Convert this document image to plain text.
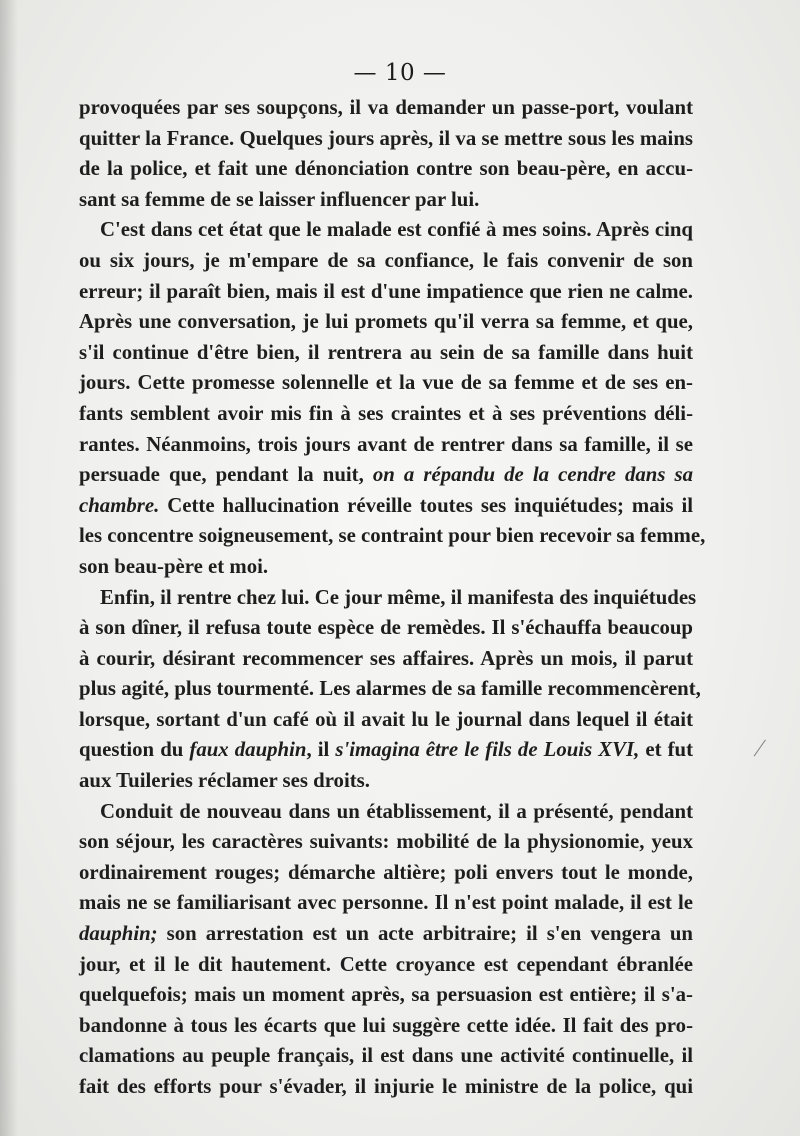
— 10 —
provoquées par ses soupçons, il va demander un passe-port, voulant
quitter la France. Quelques jours après, il va se mettre sous les mains
de la police, et fait une dénonciation contre son beau-père, en accu-
sant sa femme de se laisser influencer par lui.
C'est dans cet état que le malade est confié à mes soins. Après cinq
ou six jours, je m'empare de sa confiance, le fais convenir de son
erreur; il paraît bien, mais il est d'une impatience que rien ne calme.
Après une conversation, je lui promets qu'il verra sa femme, et que,
s'il continue d'être bien, il rentrera au sein de sa famille dans huit
jours. Cette promesse solennelle et la vue de sa femme et de ses en-
fants semblent avoir mis fin à ses craintes et à ses préventions déli-
rantes. Néanmoins, trois jours avant de rentrer dans sa famille, il se
persuade que, pendant la nuit, on a répandu de la cendre dans sa
chambre. Cette hallucination réveille toutes ses inquiétudes; mais il
les concentre soigneusement, se contraint pour bien recevoir sa femme,
son beau-père et moi.
Enfin, il rentre chez lui. Ce jour même, il manifesta des inquiétudes
à son dîner, il refusa toute espèce de remèdes. Il s'échauffa beaucoup
à courir, désirant recommencer ses affaires. Après un mois, il parut
plus agité, plus tourmenté. Les alarmes de sa famille recommencèrent,
lorsque, sortant d'un café où il avait lu le journal dans lequel il était
question du faux dauphin, il s'imagina être le fils de Louis XVI, et fut
aux Tuileries réclamer ses droits.
Conduit de nouveau dans un établissement, il a présenté, pendant
son séjour, les caractères suivants: mobilité de la physionomie, yeux
ordinairement rouges; démarche altière; poli envers tout le monde,
mais ne se familiarisant avec personne. Il n'est point malade, il est le
dauphin; son arrestation est un acte arbitraire; il s'en vengera un
jour, et il le dit hautement. Cette croyance est cependant ébranlée
quelquefois; mais un moment après, sa persuasion est entière; il s'a-
bandonne à tous les écarts que lui suggère cette idée. Il fait des pro-
clamations au peuple français, il est dans une activité continuelle, il
fait des efforts pour s'évader, il injurie le ministre de la police, qui
